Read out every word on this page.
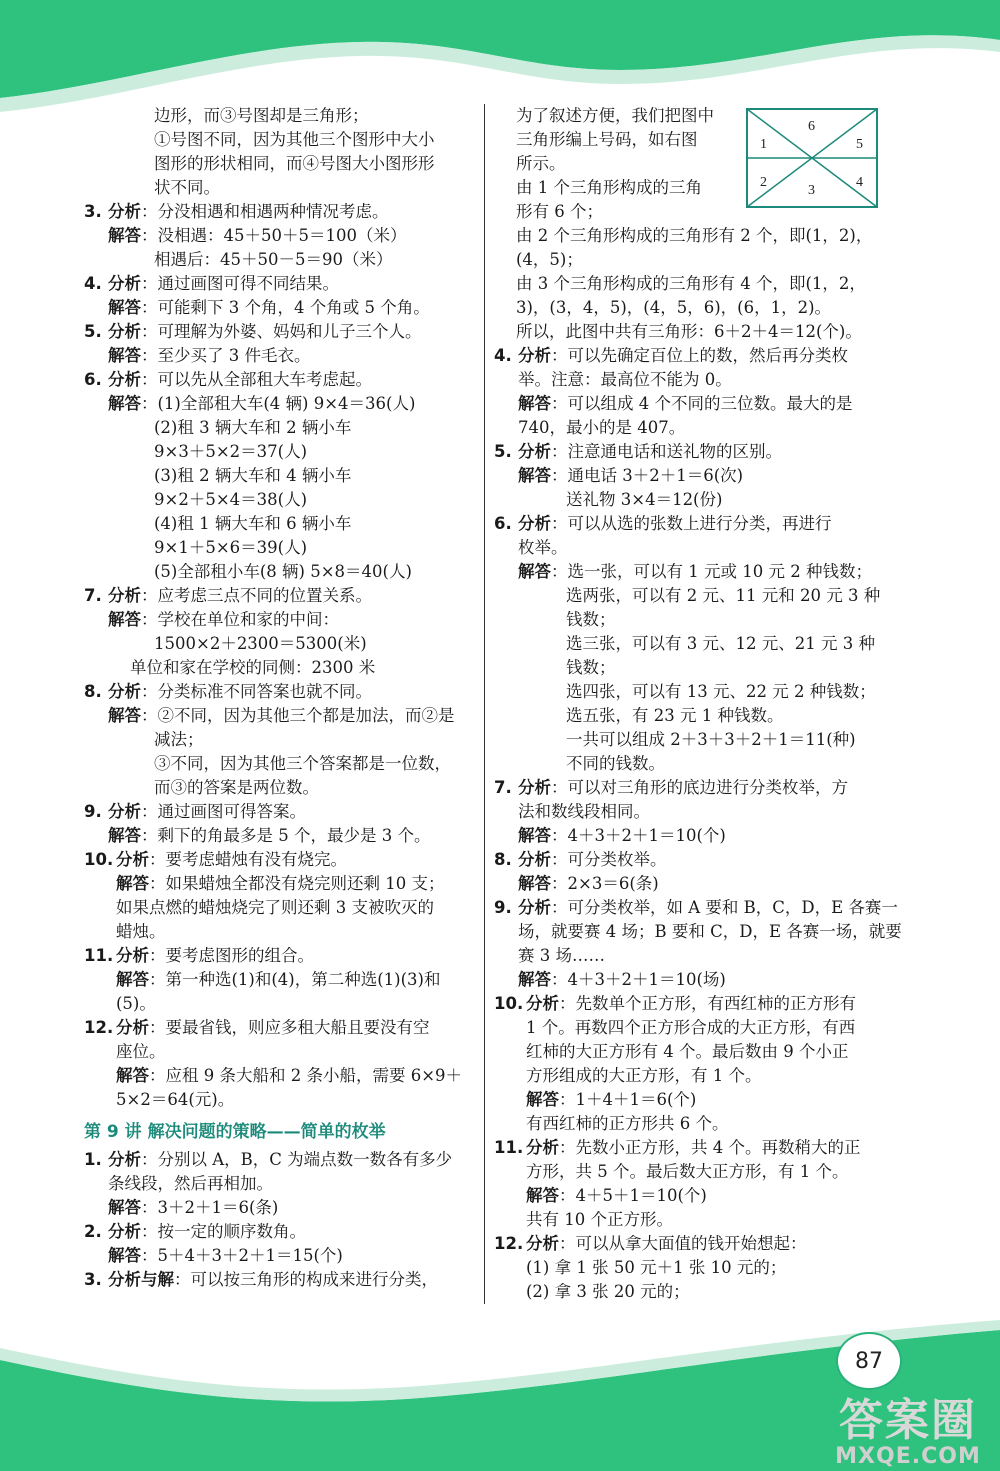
边形，而③号图却是三角形；
①号图不同，因为其他三个图形中大小
图形的形状相同，而④号图大小图形形
状不同。
3. 分析：分没相遇和相遇两种情况考虑。
解答：没相遇：45＋50＋5＝100（米）
相遇后：45＋50－5＝90（米）
4. 分析：通过画图可得不同结果。
解答：可能剩下 3 个角，4 个角或 5 个角。
5. 分析：可理解为外婆、妈妈和儿子三个人。
解答：至少买了 3 件毛衣。
6. 分析：可以先从全部租大车考虑起。
解答：(1)全部租大车(4 辆) 9×4＝36(人)
(2)租 3 辆大车和 2 辆小车
9×3＋5×2＝37(人)
(3)租 2 辆大车和 4 辆小车
9×2＋5×4＝38(人)
(4)租 1 辆大车和 6 辆小车
9×1＋5×6＝39(人)
(5)全部租小车(8 辆) 5×8＝40(人)
7. 分析：应考虑三点不同的位置关系。
解答：学校在单位和家的中间：
1500×2＋2300＝5300(米)
单位和家在学校的同侧：2300 米
8. 分析：分类标准不同答案也就不同。
解答：②不同，因为其他三个都是加法，而②是
减法；
③不同，因为其他三个答案都是一位数，
而③的答案是两位数。
9. 分析：通过画图可得答案。
解答：剩下的角最多是 5 个，最少是 3 个。
10. 分析：要考虑蜡烛有没有烧完。
解答：如果蜡烛全都没有烧完则还剩 10 支；
如果点燃的蜡烛烧完了则还剩 3 支被吹灭的
蜡烛。
11. 分析：要考虑图形的组合。
解答：第一种选(1)和(4)，第二种选(1)(3)和
(5)。
12. 分析：要最省钱，则应多租大船且要没有空
座位。
解答：应租 9 条大船和 2 条小船，需要 6×9＋
5×2＝64(元)。
第 9 讲 解决问题的策略——简单的枚举
1. 分析：分别以 A，B，C 为端点数一数各有多少
条线段，然后再相加。
解答：3＋2＋1＝6(条)
2. 分析：按一定的顺序数角。
解答：5＋4＋3＋2＋1＝15(个)
3. 分析与解：可以按三角形的构成来进行分类，
为了叙述方便，我们把图中
三角形编上号码，如右图
所示。
由 1 个三角形构成的三角
形有 6 个；
1
2
3
4
5
6
由 2 个三角形构成的三角形有 2 个，即(1，2)，
(4，5)；
由 3 个三角形构成的三角形有 4 个，即(1，2，
3)，(3，4，5)，(4，5，6)，(6，1，2)。
所以，此图中共有三角形：6＋2＋4＝12(个)。
4. 分析：可以先确定百位上的数，然后再分类枚
举。注意：最高位不能为 0。
解答：可以组成 4 个不同的三位数。最大的是
740，最小的是 407。
5. 分析：注意通电话和送礼物的区别。
解答：通电话 3＋2＋1＝6(次)
送礼物 3×4＝12(份)
6. 分析：可以从选的张数上进行分类，再进行
枚举。
解答：选一张，可以有 1 元或 10 元 2 种钱数；
选两张，可以有 2 元、11 元和 20 元 3 种
钱数；
选三张，可以有 3 元、12 元、21 元 3 种
钱数；
选四张，可以有 13 元、22 元 2 种钱数；
选五张，有 23 元 1 种钱数。
一共可以组成 2＋3＋3＋2＋1＝11(种)
不同的钱数。
7. 分析：可以对三角形的底边进行分类枚举，方
法和数线段相同。
解答：4＋3＋2＋1＝10(个)
8. 分析：可分类枚举。
解答：2×3＝6(条)
9. 分析：可分类枚举，如 A 要和 B，C，D，E 各赛一
场，就要赛 4 场；B 要和 C，D，E 各赛一场，就要
赛 3 场……
解答：4＋3＋2＋1＝10(场)
10. 分析：先数单个正方形，有西红柿的正方形有
1 个。再数四个正方形合成的大正方形，有西
红柿的大正方形有 4 个。最后数由 9 个小正
方形组成的大正方形，有 1 个。
解答：1＋4＋1＝6(个)
有西红柿的正方形共 6 个。
11. 分析：先数小正方形，共 4 个。再数稍大的正
方形，共 5 个。最后数大正方形，有 1 个。
解答：4＋5＋1＝10(个)
共有 10 个正方形。
12. 分析：可以从拿大面值的钱开始想起：
(1) 拿 1 张 50 元＋1 张 10 元的；
(2) 拿 3 张 20 元的；
87
答案圈
MXQE.COM
